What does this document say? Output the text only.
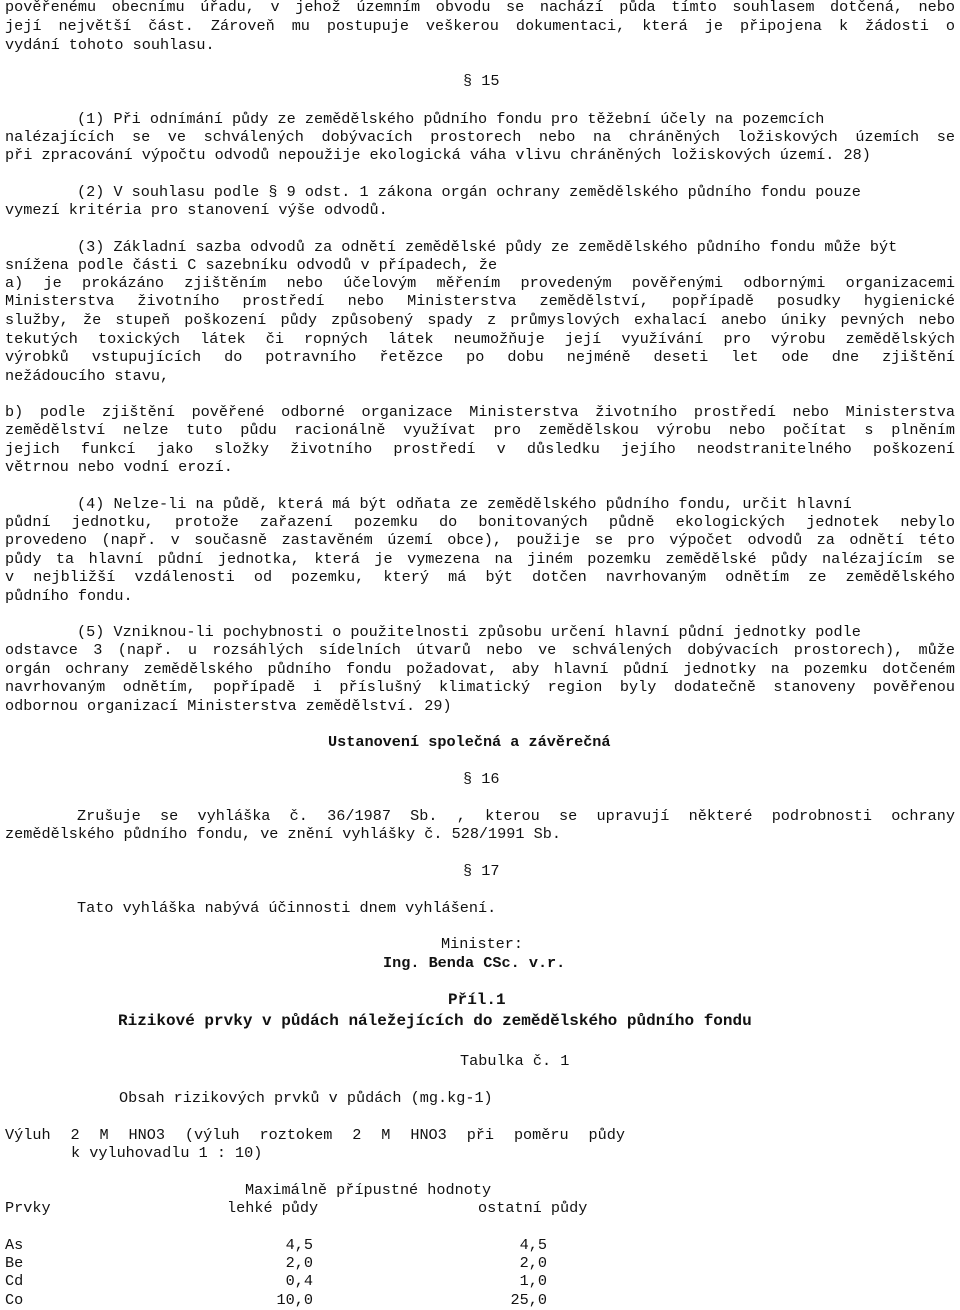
pověřenému obecnímu úřadu, v jehož územním obvodu se nachází půda tímto souhlasem dotčená, nebo
její největší část. Zároveň mu postupuje veškerou dokumentaci, která je připojena k žádosti o
vydání tohoto souhlasu.
§ 15
(1) Při odnímání půdy ze zemědělského půdního fondu pro těžební účely na pozemcích
nalézajících se ve schválených dobývacích prostorech nebo na chráněných ložiskových územích se
při zpracování výpočtu odvodů nepoužije ekologická váha vlivu chráněných ložiskových území. 28)
(2) V souhlasu podle § 9 odst. 1 zákona orgán ochrany zemědělského půdního fondu pouze
vymezí kritéria pro stanovení výše odvodů.
(3) Základní sazba odvodů za odnětí zemědělské půdy ze zemědělského půdního fondu může být
snížena podle části C sazebníku odvodů v případech, že
a) je prokázáno zjištěním nebo účelovým měřením provedeným pověřenými odbornými organizacemi
Ministerstva životního prostředí nebo Ministerstva zemědělství, popřípadě posudky hygienické
služby, že stupeň poškození půdy způsobený spady z průmyslových exhalací anebo úniky pevných nebo
tekutých toxických látek či ropných látek neumožňuje její využívání pro výrobu zemědělských
výrobků vstupujících do potravního řetězce po dobu nejméně deseti let ode dne zjištění
nežádoucího stavu,
b) podle zjištění pověřené odborné organizace Ministerstva životního prostředí nebo Ministerstva
zemědělství nelze tuto půdu racionálně využívat pro zemědělskou výrobu nebo počítat s plněním
jejich funkcí jako složky životního prostředí v důsledku jejího neodstranitelného poškození
větrnou nebo vodní erozí.
(4) Nelze-li na půdě, která má být odňata ze zemědělského půdního fondu, určit hlavní
půdní jednotku, protože zařazení pozemku do bonitovaných půdně ekologických jednotek nebylo
provedeno (např. v současně zastavěném území obce), použije se pro výpočet odvodů za odnětí této
půdy ta hlavní půdní jednotka, která je vymezena na jiném pozemku zemědělské půdy nalézajícím se
v nejbližší vzdálenosti od pozemku, který má být dotčen navrhovaným odnětím ze zemědělského
půdního fondu.
(5) Vzniknou-li pochybnosti o použitelnosti způsobu určení hlavní půdní jednotky podle
odstavce 3 (např. u rozsáhlých sídelních útvarů nebo ve schválených dobývacích prostorech), může
orgán ochrany zemědělského půdního fondu požadovat, aby hlavní půdní jednotky na pozemku dotčeném
navrhovaným odnětím, popřípadě i příslušný klimatický region byly dodatečně stanoveny pověřenou
odbornou organizací Ministerstva zemědělství. 29)
Ustanovení společná a závěrečná
§ 16
Zrušuje se vyhláška č. 36/1987 Sb. , kterou se upravují některé podrobnosti ochrany
zemědělského půdního fondu, ve znění vyhlášky č. 528/1991 Sb.
§ 17
Tato vyhláška nabývá účinnosti dnem vyhlášení.
Minister:
Ing. Benda CSc. v.r.
Příl.1
Rizikové prvky v půdách náležejících do zemědělského půdního fondu
Tabulka č. 1
Obsah rizikových prvků v půdách (mg.kg-1)
Výluh 2 M HNO3 (výluh roztokem 2 M HNO3 při poměru půdy
k vyluhovadlu 1 : 10)
Maximálně přípustné hodnoty
Prvky	lehké půdy	ostatní půdy
As	4,5	4,5
Be	2,0	2,0
Cd	0,4	1,0
Co	10,0	25,0
